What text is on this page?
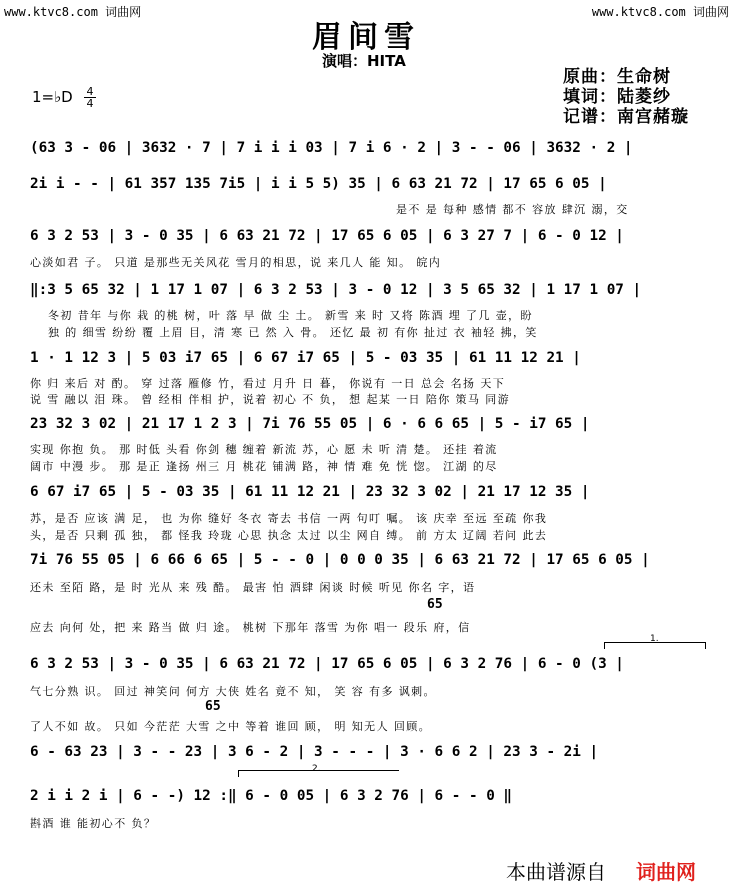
www.ktvc8.com 词曲网	www.ktvc8.com 词曲网
眉间雪
演唱：HITA
原曲：生命树
填词：陆菱纱
记谱：南宫赭璇
1=♭D 4
4
(63 3 - 06 | 3632 · 7 | 7 i i i 03 | 7 i 6 · 2 | 3 - - 06 | 3632 · 2 |
2i i - - | 61 357 135 7i5 | i i 5 5) 35 | 6 63 21 72 | 17 65 6 05 |
是不 是 每种 感情 都不 容放 肆沉 溺，交
6 3 2 53 | 3 - 0 35 | 6 63 21 72 | 17 65 6 05 | 6 3 27 7 | 6 - 0 12 |
心淡如君 子。 只道 是那些无关风花 雪月的相思，说 来几人 能 知。 皖内
‖:3 5 65 32 | 1 17 1 07 | 6 3 2 53 | 3 - 0 12 | 3 5 65 32 | 1 17 1 07 |
冬初 昔年 与你 栽 的桃 树，叶 落 早 做 尘 土。 新雪 来 时 又将 陈酒 埋 了几 壶，盼
独 的 细雪 纷纷 覆 上眉 目，清 寒 已 然 入 骨。 还忆 最 初 有你 扯过 衣 袖轻 拂，笑
1 · 1 12 3 | 5 03 i7 65 | 6 67 i7 65 | 5 - 03 35 | 61 11 12 21 |
你 归 来后 对 酌。 穿 过落 雁修 竹，看过 月升 日 暮， 你说有 一日 总会 名扬 天下
说 雪 融以 泪 珠。 曾 经相 伴相 护，说着 初心 不 负， 想 起某 一日 陪你 策马 同游
23 32 3 02 | 21 17 1 2 3 | 7i 76 55 05 | 6 · 6 6 65 | 5 - i7 65 |
实现 你抱 负。 那 时低 头看 你剑 穗 缠着 新流 苏，心 愿 未 听 清 楚。 还挂 着流
阔市 中漫 步。 那 是正 逢扬 州三 月 桃花 铺满 路，神 情 难 免 恍 惚。 江湖 的尽
6 67 i7 65 | 5 - 03 35 | 61 11 12 21 | 23 32 3 02 | 21 17 12 35 |
苏，是否 应该 满 足， 也 为你 缝好 冬衣 寄去 书信 一两 句叮 嘱。 该 庆幸 至远 至疏 你我
头，是否 只剩 孤 独， 都 怪我 玲珑 心思 执念 太过 以尘 网自 缚。 前 方太 辽阔 若问 此去
7i 76 55 05 | 6 66 6 65 | 5 - - 0 | 0 0 0 35 | 6 63 21 72 | 17 65 6 05 |
还未 至陌 路，是 时 光从 来 残 酷。 最害 怕 酒肆 闲谈 时候 听见 你名 字，语
65
应去 向何 处，把 来 路当 做 归 途。 桃树 下那年 落雪 为你 唱一 段乐 府，信
1.
6 3 2 53 | 3 - 0 35 | 6 63 21 72 | 17 65 6 05 | 6 3 2 76 | 6 - 0 (3 |
气七分熟 识。 回过 神笑问 何方 大侠 姓名 竟不 知， 笑 容 有多 讽刺。
65
了人不如 故。 只如 今茫茫 大雪 之中 等着 谁回 顾， 明 知无人 回顾。
6 - 63 23 | 3 - - 23 | 3 6 - 2 | 3 - - - | 3 · 6 6 2 | 23 3 - 2i |
2.
2 i i 2 i | 6 - -) 12 :‖ 6 - 0 05 | 6 3 2 76 | 6 - - 0 ‖
斟酒 谁 能初心不 负？
本曲谱源自 词曲网
